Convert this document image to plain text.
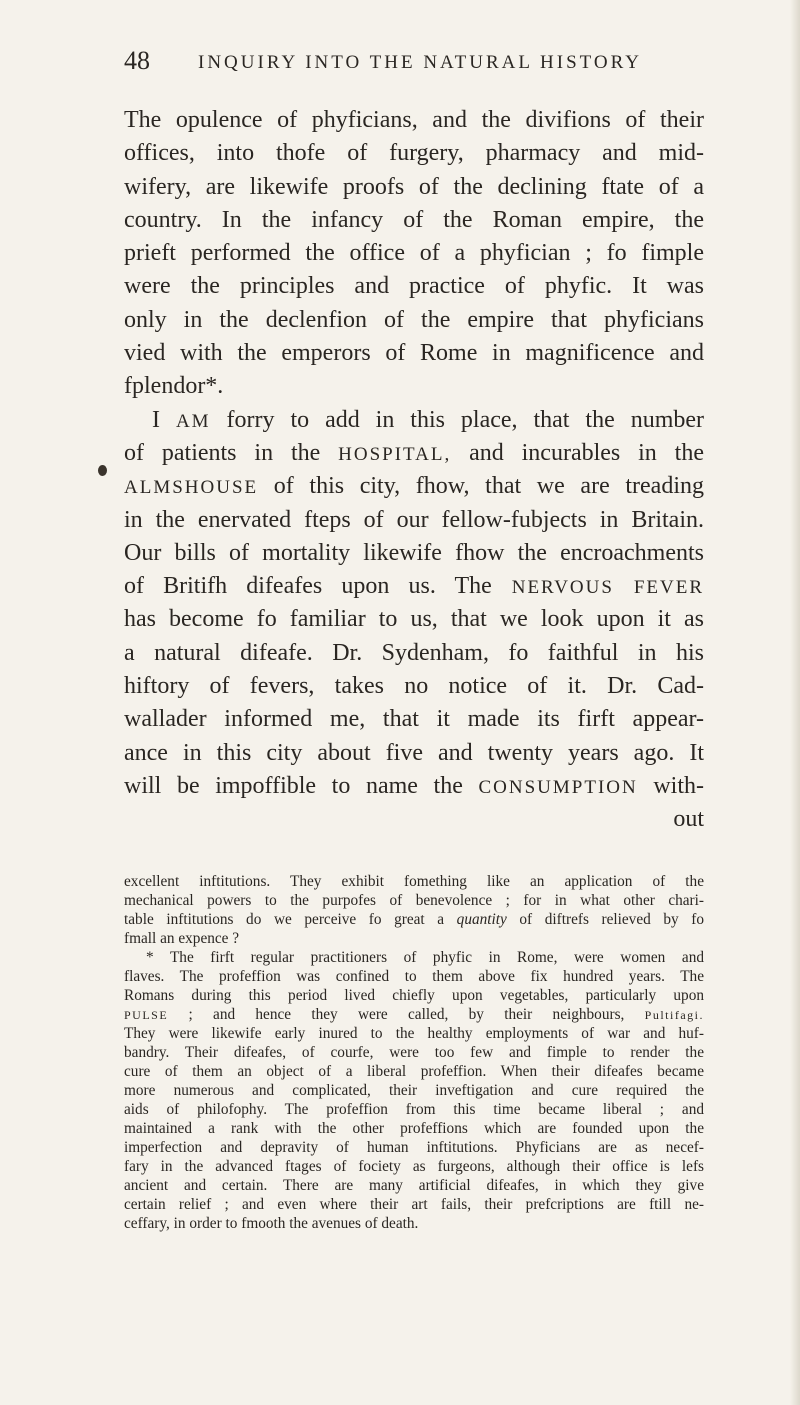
48	INQUIRY INTO THE NATURAL HISTORY
The opulence of phyficians, and the divifions of their
offices, into thofe of furgery, pharmacy and mid-
wifery, are likewife proofs of the declining ftate of a
country. In the infancy of the Roman empire, the
prieft performed the office of a phyfician ; fo fimple
were the principles and practice of phyfic. It was
only in the declenfion of the empire that phyficians
vied with the emperors of Rome in magnificence and
fplendor*.
I AM forry to add in this place, that the number
of patients in the HOSPITAL, and incurables in the
ALMSHOUSE of this city, fhow, that we are treading
in the enervated fteps of our fellow-fubjects in Britain.
Our bills of mortality likewife fhow the encroachments
of Britifh difeafes upon us. The NERVOUS FEVER
has become fo familiar to us, that we look upon it as
a natural difeafe. Dr. Sydenham, fo faithful in his
hiftory of fevers, takes no notice of it. Dr. Cad-
wallader informed me, that it made its firft appear-
ance in this city about five and twenty years ago. It
will be impoffible to name the CONSUMPTION with-
out
excellent inftitutions. They exhibit fomething like an application of the
mechanical powers to the purpofes of benevolence ; for in what other chari-
table inftitutions do we perceive fo great a quantity of diftrefs relieved by fo
fmall an expence ?
* The firft regular practitioners of phyfic in Rome, were women and
flaves. The profeffion was confined to them above fix hundred years. The
Romans during this period lived chiefly upon vegetables, particularly upon
PULSE ; and hence they were called, by their neighbours, Pultifagi.
They were likewife early inured to the healthy employments of war and huf-
bandry. Their difeafes, of courfe, were too few and fimple to render the
cure of them an object of a liberal profeffion. When their difeafes became
more numerous and complicated, their inveftigation and cure required the
aids of philofophy. The profeffion from this time became liberal ; and
maintained a rank with the other profeffions which are founded upon the
imperfection and depravity of human inftitutions. Phyficians are as necef-
fary in the advanced ftages of fociety as furgeons, although their office is lefs
ancient and certain. There are many artificial difeafes, in which they give
certain relief ; and even where their art fails, their prefcriptions are ftill ne-
ceffary, in order to fmooth the avenues of death.
